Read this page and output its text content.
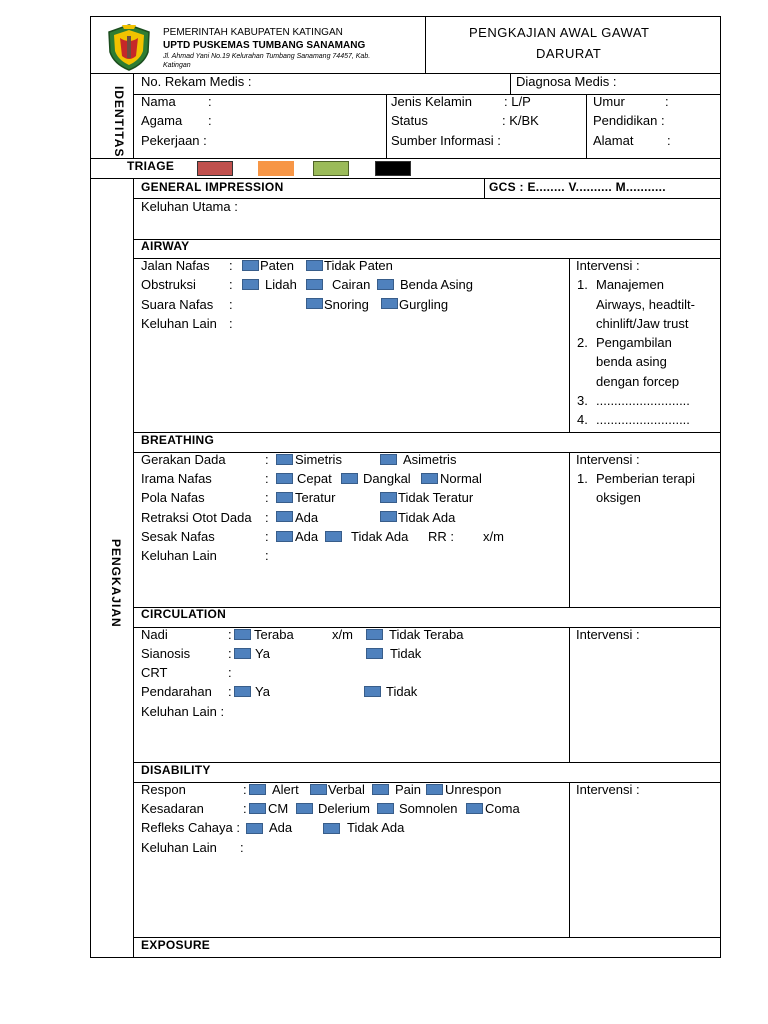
PEMERINTAH KABUPATEN KATINGAN
UPTD PUSKEMAS TUMBANG SANAMANG
Jl. Ahmad Yani No.19 Kelurahan Tumbang Sanamang 74457, Kab.
Katingan
PENGKAJIAN AWAL GAWAT
DARURAT
IDENTITAS
PENGKAJIAN
No. Rekam Medis :	Diagnosa Medis :
Nama :
Agama :
Pekerjaan :
Jenis Kelamin : L/P
Status	: K/BK
Sumber Informasi :
Umur	:
Pendidikan :
Alamat	:
TRIAGE
GENERAL IMPRESSION	GCS : E........ V.......... M...........
Keluhan Utama :
AIRWAY
Jalan Nafas : Paten Tidak Paten
Obstruksi	: Lidah	Cairan Benda Asing
Suara Nafas :	Snoring Gurgling
Keluhan Lain :
Intervensi :
1. Manajemen
Airways, headtilt-
chinlift/Jaw trust
2. Pengambilan
benda asing
dengan forcep
3. ..........................
4. ..........................
BREATHING
Gerakan Dada	: Simetris	Asimetris
Irama Nafas	: Cepat Dangkal Normal
Pola Nafas	: Teratur	Tidak Teratur
Retraksi Otot Dada : Ada	Tidak Ada
Sesak Nafas	: Ada	Tidak Ada RR : x/m
Keluhan Lain	:
Intervensi :
1. Pemberian terapi
oksigen
CIRCULATION
Nadi	: Teraba	x/m	Tidak Teraba
Sianosis	: Ya	Tidak
CRT	:
Pendarahan : Ya	Tidak
Keluhan Lain :
Intervensi :
DISABILITY
Respon	: Alert Verbal Pain Unrespon
Kesadaran	: CM Delerium Somnolen Coma
Refleks Cahaya : Ada	Tidak Ada
Keluhan Lain :
Intervensi :
EXPOSURE
